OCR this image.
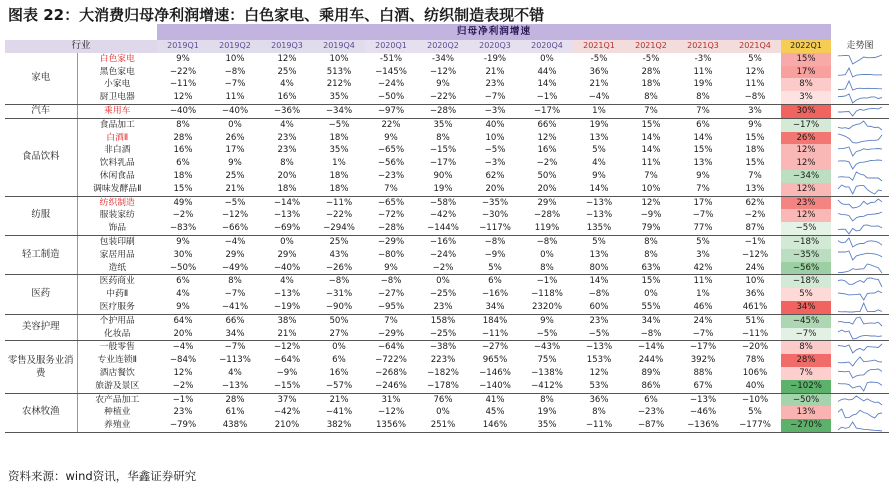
图表 22：大消费归母净利润增速：白色家电、乘用车、白酒、纺织制造表现不错
		归母净利润增速													
行业		2019Q1	2019Q2	2019Q3	2019Q4	2020Q1	2020Q2	2020Q3	2020Q4	2021Q1	2021Q2	2021Q3	2021Q4	2022Q1	走势图
家电	白色家电	9%	10%	12%	10%	-51%	-34%	-19%	0%	-5%	-5%	-3%	5%	15%	

	黑色家电	−22%	−8%	25%	513%	−145%	−12%	21%	44%	36%	28%	11%	12%	17%	

	小家电	−11%	−7%	4%	212%	−24%	9%	23%	14%	21%	18%	19%	11%	8%	

	厨卫电器	12%	11%	16%	35%	−50%	−22%	−7%	−1%	−4%	8%	8%	−8%	3%	

汽车	乘用车	−40%	−40%	−36%	−34%	−97%	−28%	−3%	−17%	1%	7%	7%	3%	30%	

食品饮料	食品加工	8%	0%	4%	−5%	22%	35%	40%	66%	19%	15%	6%	9%	−17%	

	白酒Ⅱ	28%	26%	23%	18%	9%	8%	10%	12%	13%	14%	14%	15%	26%	

	非白酒	16%	17%	23%	35%	−65%	−15%	−5%	16%	5%	14%	15%	18%	12%	

	饮料乳品	6%	9%	8%	1%	−56%	−17%	−3%	−2%	4%	11%	13%	15%	12%	

	休闲食品	18%	25%	20%	18%	−23%	90%	62%	50%	9%	7%	9%	7%	−34%	

	调味发酵品Ⅱ	15%	21%	18%	18%	7%	19%	20%	20%	14%	10%	7%	13%	12%	

纺服	纺织制造	49%	−5%	−14%	−11%	−65%	−58%	−35%	29%	−13%	12%	17%	62%	23%	

	服装家纺	−2%	−12%	−13%	−22%	−72%	−42%	−30%	−28%	−13%	−9%	−7%	−2%	12%	

	饰品	−83%	−66%	−69%	−294%	−28%	−144%	−117%	119%	135%	79%	77%	87%	−5%	

轻工制造	包装印刷	9%	−4%	0%	25%	−29%	−16%	−8%	−8%	5%	8%	5%	−1%	−18%	

	家居用品	30%	29%	29%	43%	−80%	−24%	−9%	0%	13%	8%	3%	−12%	−35%	

	造纸	−50%	−49%	−40%	−26%	9%	−2%	5%	8%	80%	63%	42%	24%	−56%	

医药	医药商业	6%	8%	4%	−8%	−8%	0%	6%	−1%	14%	15%	11%	10%	−18%	

	中药Ⅱ	4%	−7%	−13%	−31%	−27%	−25%	−16%	−118%	−8%	0%	1%	36%	5%	

	医疗服务	9%	−41%	−19%	−90%	−95%	23%	34%	2320%	60%	55%	46%	461%	34%	

美容护理	个护用品	64%	66%	38%	50%	7%	158%	184%	9%	23%	34%	24%	51%	−45%	

	化妆品	20%	34%	21%	27%	−29%	−25%	−11%	−5%	−5%	−8%	−7%	−11%	−7%	

零售及服务业消费	一般零售	−4%	−7%	−12%	0%	−64%	−38%	−27%	−43%	−13%	−14%	−17%	−20%	8%	

	专业连锁Ⅱ	−84%	−113%	−64%	6%	−722%	223%	965%	75%	153%	244%	392%	78%	28%	

	酒店餐饮	12%	4%	−9%	16%	−268%	−182%	−146%	−138%	12%	89%	88%	106%	7%	

	旅游及景区	−2%	−13%	−15%	−57%	−246%	−178%	−140%	−412%	53%	86%	67%	40%	−102%	

农林牧渔	农产品加工	−1%	28%	37%	21%	31%	76%	41%	8%	36%	6%	−13%	−10%	−50%	

	种植业	23%	61%	−42%	−41%	−12%	0%	45%	19%	8%	−23%	−46%	5%	13%	

	养殖业	−79%	438%	210%	382%	1356%	251%	146%	35%	−11%	−87%	−136%	−177%	−270%	
资料来源：wind资讯，华鑫证券研究
